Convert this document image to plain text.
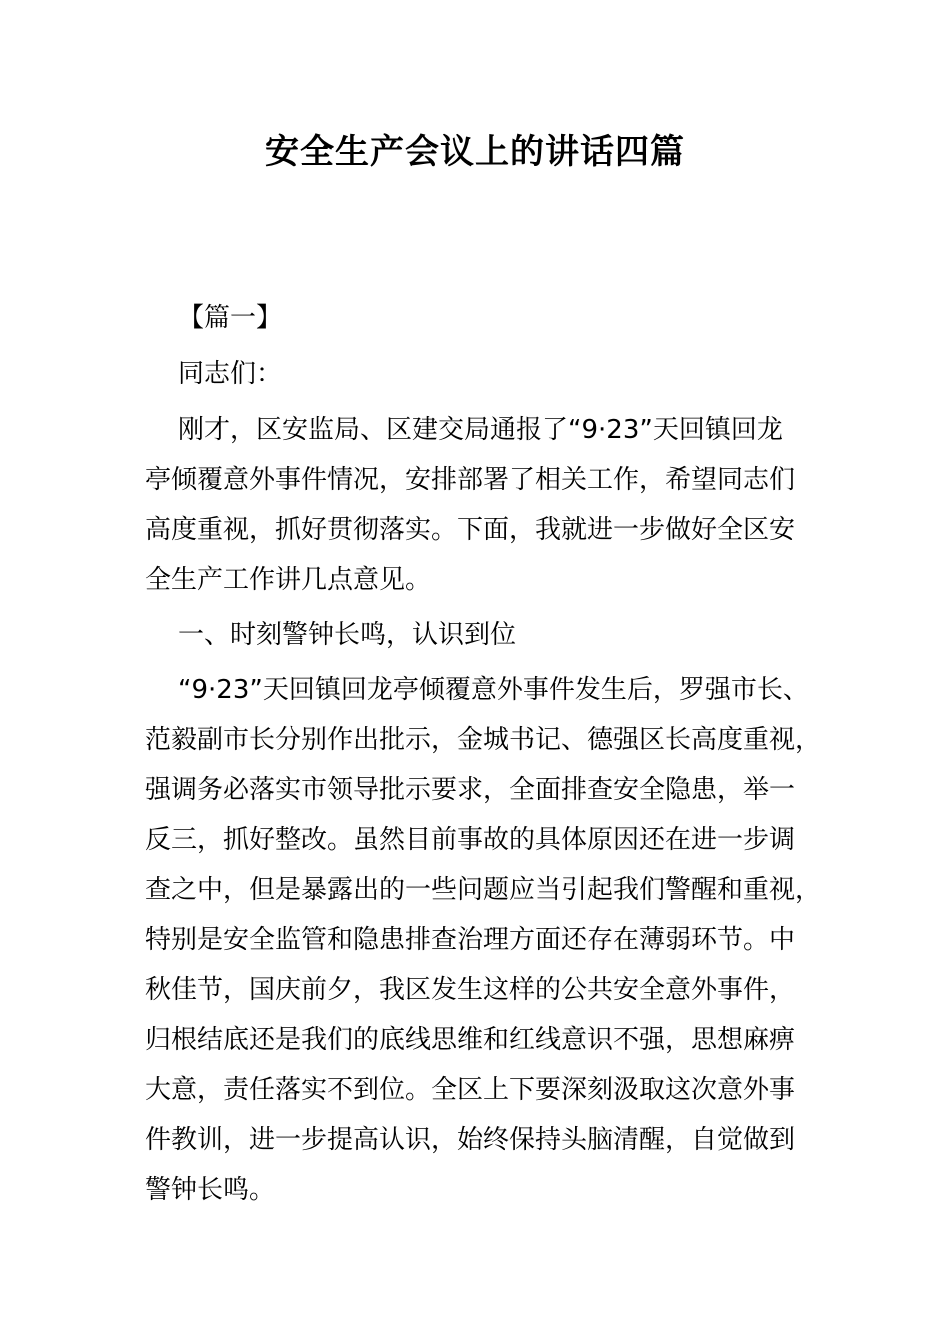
安全生产会议上的讲话四篇
【篇一】
同志们：
刚才，区安监局、区建交局通报了“9·23”天回镇回龙
亭倾覆意外事件情况，安排部署了相关工作，希望同志们
高度重视，抓好贯彻落实。下面，我就进一步做好全区安
全生产工作讲几点意见。
一、时刻警钟长鸣，认识到位
“9·23”天回镇回龙亭倾覆意外事件发生后，罗强市长、
范毅副市长分别作出批示，金城书记、德强区长高度重视，
强调务必落实市领导批示要求，全面排查安全隐患，举一
反三，抓好整改。虽然目前事故的具体原因还在进一步调
查之中，但是暴露出的一些问题应当引起我们警醒和重视，
特别是安全监管和隐患排查治理方面还存在薄弱环节。中
秋佳节，国庆前夕，我区发生这样的公共安全意外事件，
归根结底还是我们的底线思维和红线意识不强，思想麻痹
大意，责任落实不到位。全区上下要深刻汲取这次意外事
件教训，进一步提高认识，始终保持头脑清醒，自觉做到
警钟长鸣。
